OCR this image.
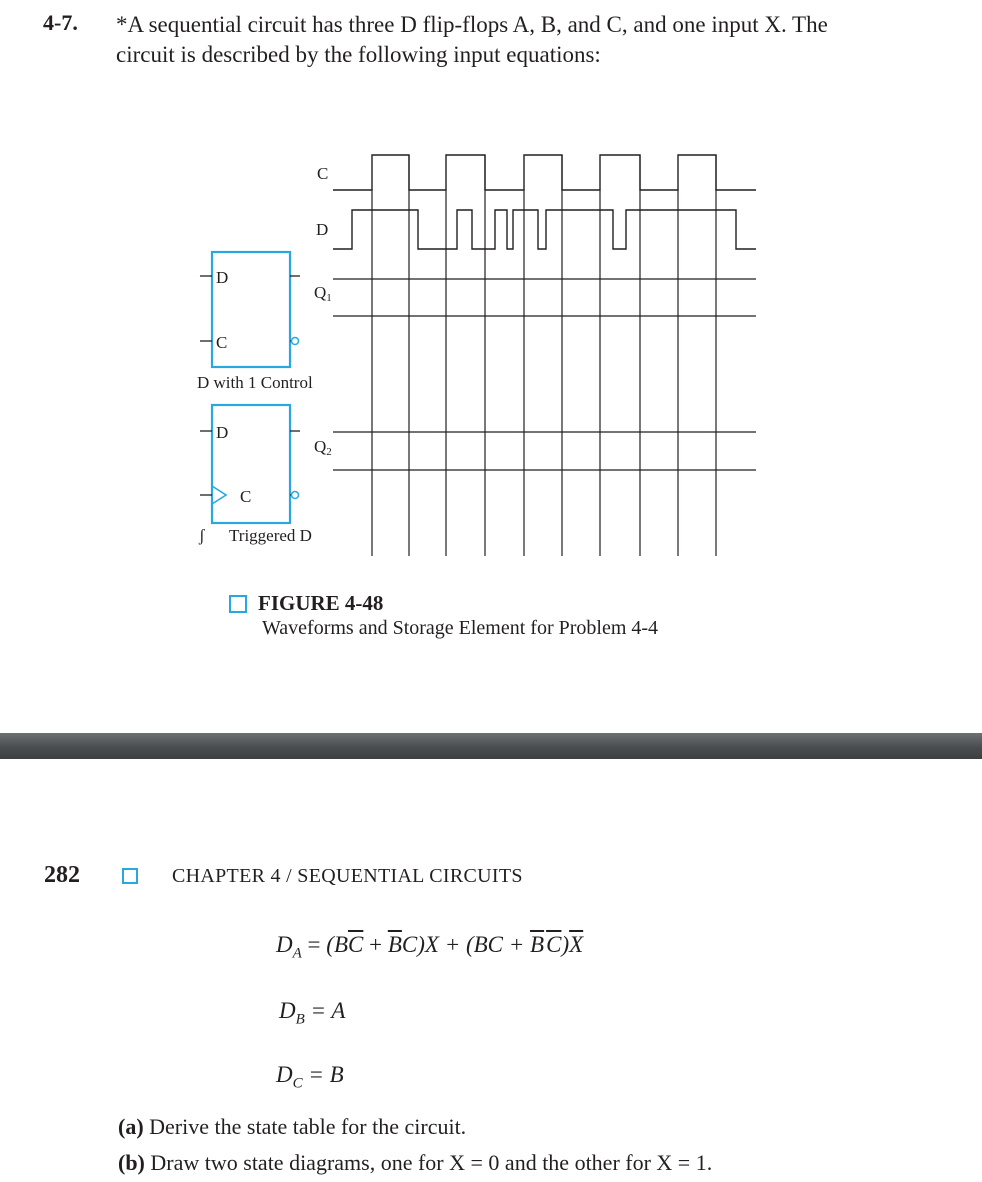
4-7. *A sequential circuit has three D flip-flops A, B, and C, and one input X. The
circuit is described by the following input equations:
C
D
Q1
Q2
D
C
D with 1 Control
D
C
ʃ Triggered D
FIGURE 4-48
Waveforms and Storage Element for Problem 4-4
282	CHAPTER 4 / SEQUENTIAL CIRCUITS
$D_A = (B\overline{C} + \overline{B}C)X + (BC + \overline{B}\overline{C})\overline{X}$
$D_B = A$
$D_C = B$
(a) Derive the state table for the circuit.
(b) Draw two state diagrams, one for X = 0 and the other for X = 1.
